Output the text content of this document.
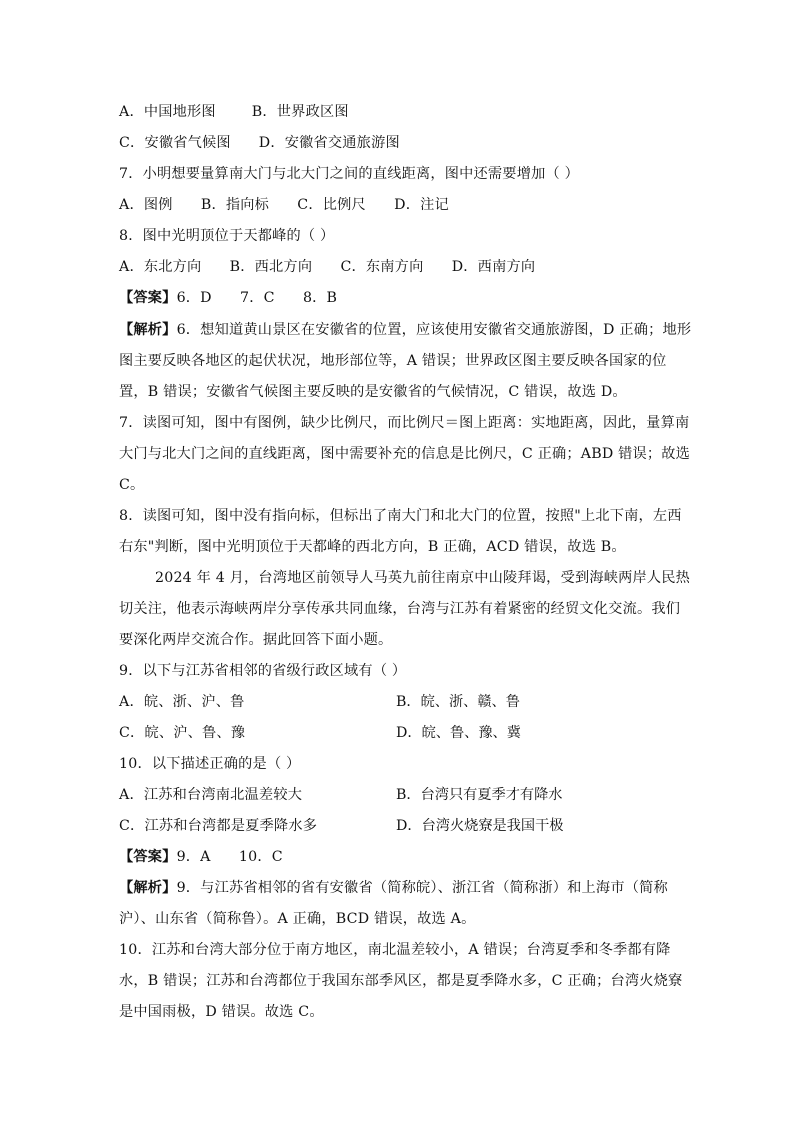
A．中国地形图	B．世界政区图
C．安徽省气候图 D．安徽省交通旅游图
7．小明想要量算南大门与北大门之间的直线距离，图中还需要增加（ ）
A．图例      B．指向标      C．比例尺      D．注记
8．图中光明顶位于天都峰的（ ）
A．东北方向      B．西北方向      C．东南方向      D．西南方向
【答案】6．D      7．C      8．B
【解析】6．想知道黄山景区在安徽省的位置，应该使用安徽省交通旅游图，D 正确；地形
图主要反映各地区的起伏状况，地形部位等，A 错误；世界政区图主要反映各国家的位
置，B 错误；安徽省气候图主要反映的是安徽省的气候情况，C 错误，故选 D。
7．读图可知，图中有图例，缺少比例尺，而比例尺＝图上距离：实地距离，因此，量算南
大门与北大门之间的直线距离，图中需要补充的信息是比例尺，C 正确；ABD 错误；故选
C。
8．读图可知，图中没有指向标，但标出了南大门和北大门的位置，按照"上北下南，左西
右东"判断，图中光明顶位于天都峰的西北方向，B 正确，ACD 错误，故选 B。
2024 年 4 月，台湾地区前领导人马英九前往南京中山陵拜谒，受到海峡两岸人民热
切关注，他表示海峡两岸分享传承共同血缘，台湾与江苏有着紧密的经贸文化交流。我们
要深化两岸交流合作。据此回答下面小题。
9．以下与江苏省相邻的省级行政区域有（ ）
A．皖、浙、沪、鲁	B．皖、浙、赣、鲁
C．皖、沪、鲁、豫	D．皖、鲁、豫、冀
10．以下描述正确的是（ ）
A．江苏和台湾南北温差较大	B．台湾只有夏季才有降水
C．江苏和台湾都是夏季降水多	D．台湾火烧寮是我国干极
【答案】9．A      10．C
【解析】9．与江苏省相邻的省有安徽省（简称皖）、浙江省（简称浙）和上海市（简称
沪）、山东省（简称鲁）。A 正确，BCD 错误，故选 A。
10．江苏和台湾大部分位于南方地区，南北温差较小，A 错误；台湾夏季和冬季都有降
水，B 错误；江苏和台湾都位于我国东部季风区，都是夏季降水多，C 正确；台湾火烧寮
是中国雨极，D 错误。故选 C。
